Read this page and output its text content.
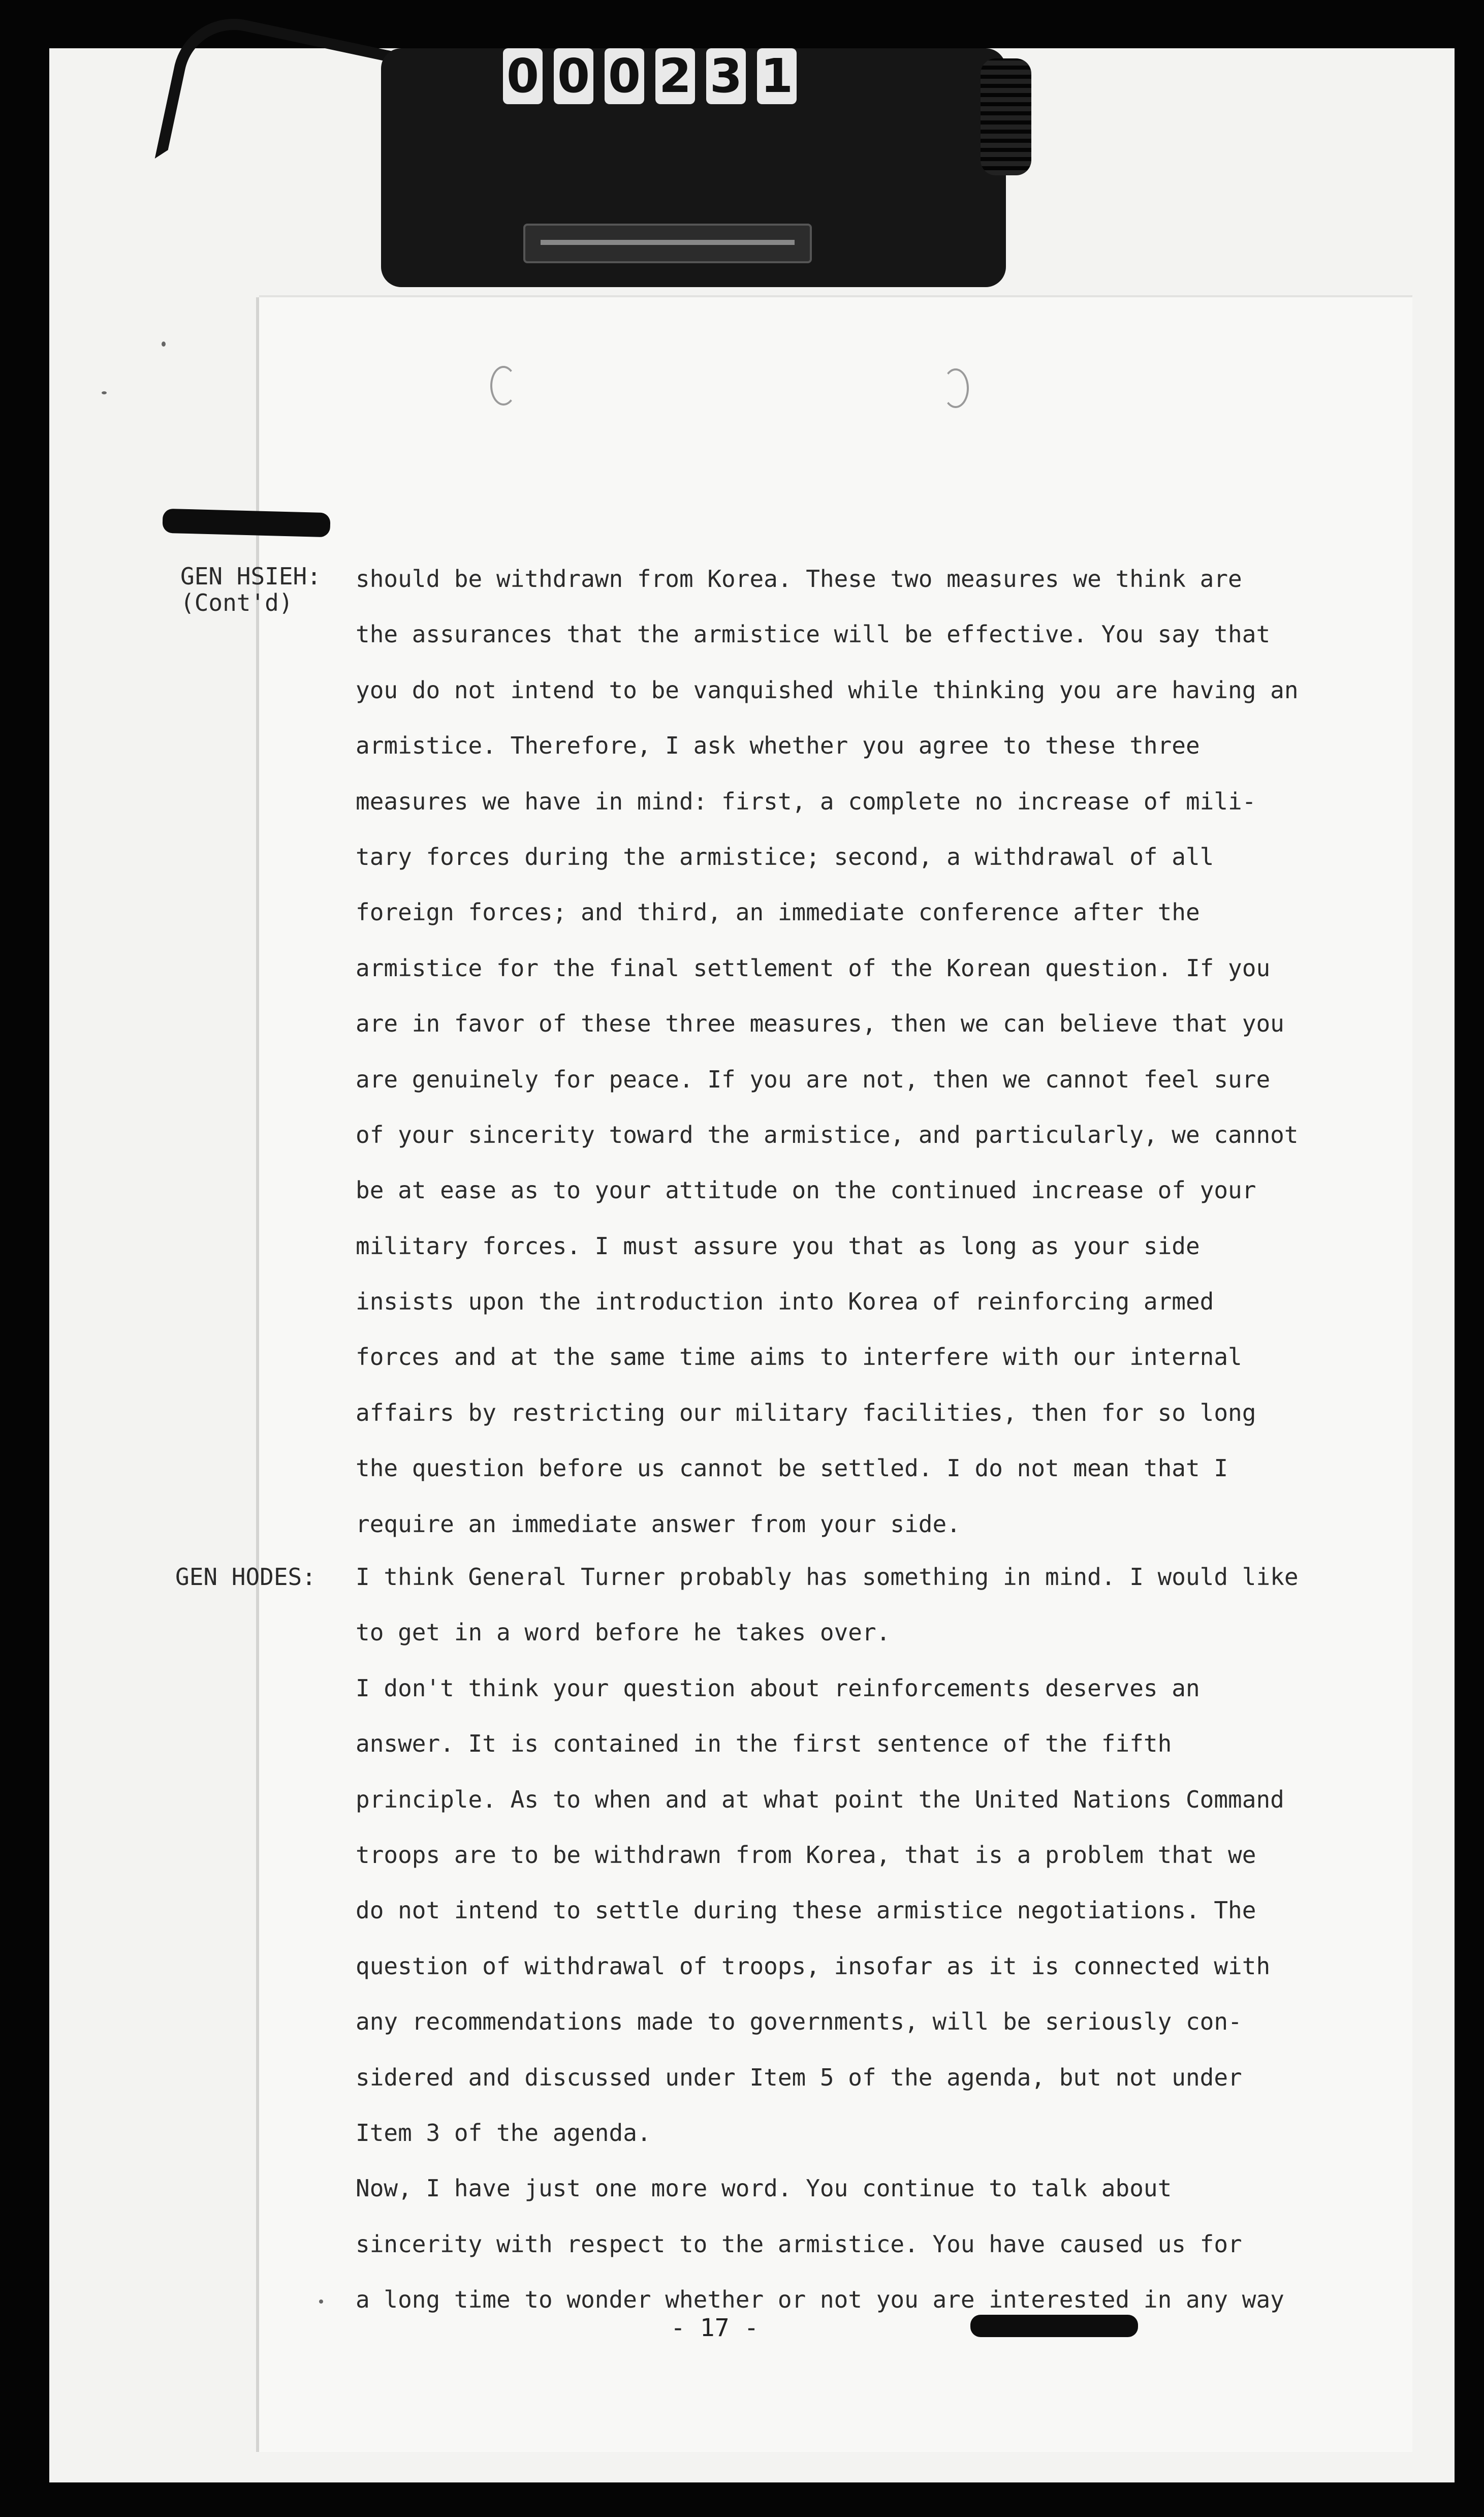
0 0 0 2 3 1
GEN HSIEH:
(Cont'd)
should be withdrawn from Korea. These two measures we think are
the assurances that the armistice will be effective. You say that
you do not intend to be vanquished while thinking you are having an
armistice. Therefore, I ask whether you agree to these three
measures we have in mind: first, a complete no increase of mili-
tary forces during the armistice; second, a withdrawal of all
foreign forces; and third, an immediate conference after the
armistice for the final settlement of the Korean question. If you
are in favor of these three measures, then we can believe that you
are genuinely for peace. If you are not, then we cannot feel sure
of your sincerity toward the armistice, and particularly, we cannot
be at ease as to your attitude on the continued increase of your
military forces. I must assure you that as long as your side
insists upon the introduction into Korea of reinforcing armed
forces and at the same time aims to interfere with our internal
affairs by restricting our military facilities, then for so long
the question before us cannot be settled. I do not mean that I
require an immediate answer from your side.
GEN HODES: I think General Turner probably has something in mind. I would like
to get in a word before he takes over.
I don't think your question about reinforcements deserves an
answer. It is contained in the first sentence of the fifth
principle. As to when and at what point the United Nations Command
troops are to be withdrawn from Korea, that is a problem that we
do not intend to settle during these armistice negotiations. The
question of withdrawal of troops, insofar as it is connected with
any recommendations made to governments, will be seriously con-
sidered and discussed under Item 5 of the agenda, but not under
Item 3 of the agenda.
Now, I have just one more word. You continue to talk about
sincerity with respect to the armistice. You have caused us for
a long time to wonder whether or not you are interested in any way
- 17 -
